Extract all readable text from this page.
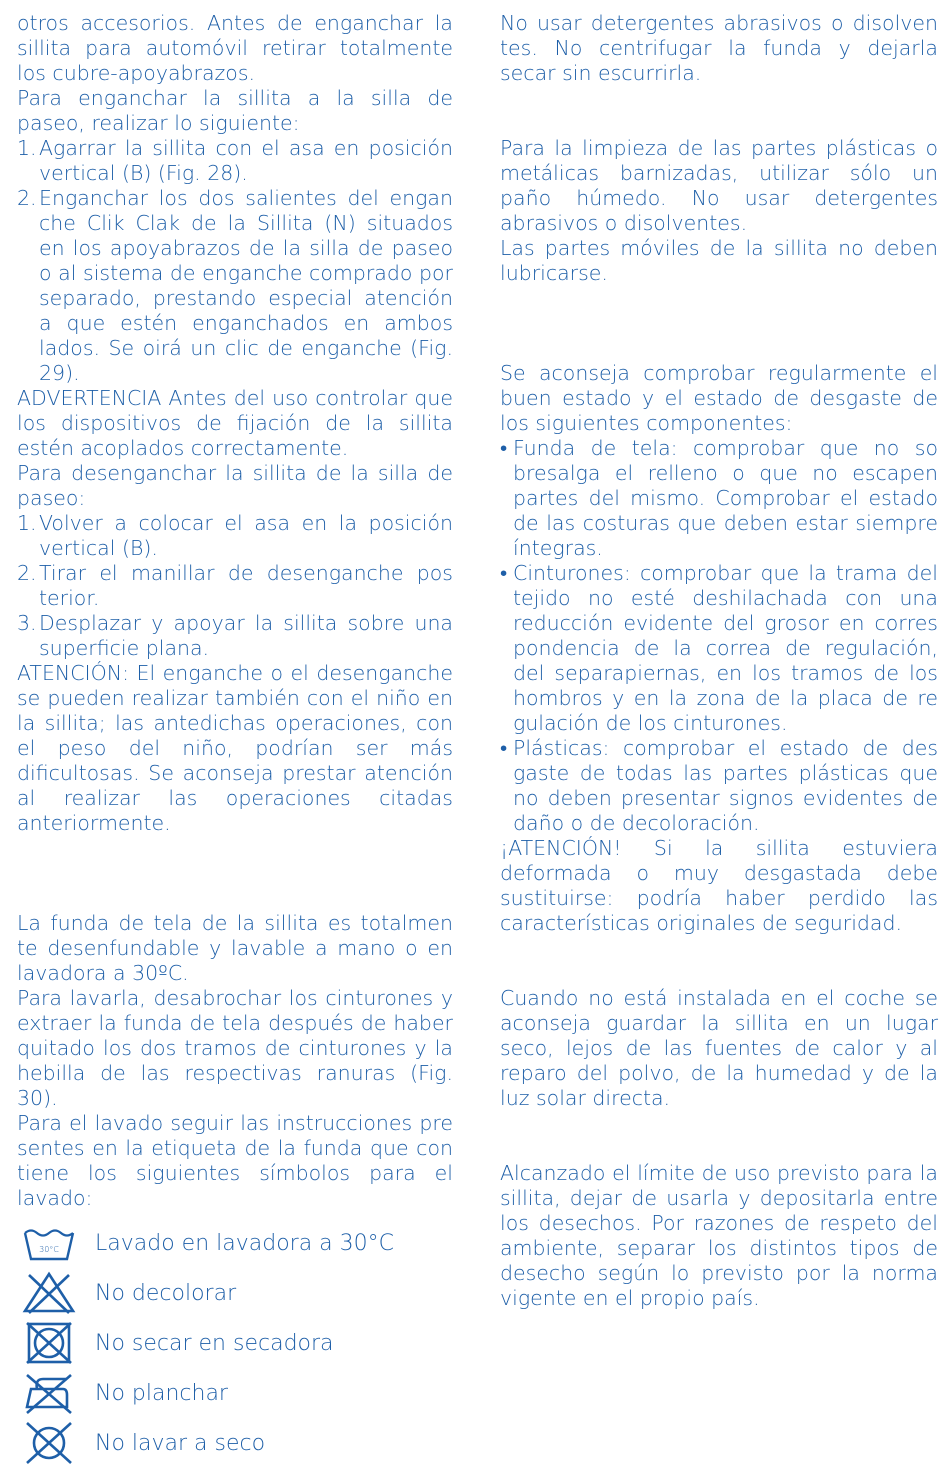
otros accesorios. Antes de enganchar la sillita para automóvil retirar totalmente los cubre-apoyabrazos.

Para enganchar la sillita a la silla de paseo, realizar lo siguiente:

1. Agarrar la sillita con el asa en posición vertical (B) (Fig. 28).
2. Enganchar los dos salientes del engan che Clik Clak de la Sillita (N) situados en los apoyabrazos de la silla de paseo o al sistema de enganche comprado por separado, prestando especial atención a que estén enganchados en ambos lados. Se oirá un clic de enganche (Fig. 29).

ADVERTENCIA Antes del uso controlar que los dispositivos de fijación de la sillita estén acoplados correctamente.

Para desenganchar la sillita de la silla de paseo:

1. Volver a colocar el asa en la posición vertical (B).
2. Tirar el manillar de desenganche pos terior.
3. Desplazar y apoyar la sillita sobre una superficie plana.

ATENCIÓN: El enganche o el desenganche se pueden realizar también con el niño en la sillita; las antedichas operaciones, con el peso del niño, podrían ser más dificultosas. Se aconseja prestar atención al realizar las operaciones citadas anteriormente.

La funda de tela de la sillita es totalmen te desenfundable y lavable a mano o en lavadora a 30ºC.

Para lavarla, desabrochar los cinturones y extraer la funda de tela después de haber quitado los dos tramos de cinturones y la hebilla de las respectivas ranuras (Fig. 30).

Para el lavado seguir las instrucciones pre sentes en la etiqueta de la funda que con tiene los siguientes símbolos para el lavado:

30°C Lavado en lavadora a 30°C
No decolorar
No secar en secadora
No planchar
No lavar a seco

No usar detergentes abrasivos o disolven tes. No centrifugar la funda y dejarla secar sin escurrirla.

Para la limpieza de las partes plásticas o metálicas barnizadas, utilizar sólo un paño húmedo. No usar detergentes abrasivos o disolventes.

Las partes móviles de la sillita no deben lubricarse.

Se aconseja comprobar regularmente el buen estado y el estado de desgaste de los siguientes componentes:

• Funda de tela: comprobar que no so bresalga el relleno o que no escapen partes del mismo. Comprobar el estado de las costuras que deben estar siempre íntegras.
• Cinturones: comprobar que la trama del tejido no esté deshilachada con una reducción evidente del grosor en corres pondencia de la correa de regulación, del separapiernas, en los tramos de los hombros y en la zona de la placa de re gulación de los cinturones.
• Plásticas: comprobar el estado de des gaste de todas las partes plásticas que no deben presentar signos evidentes de daño o de decoloración.

¡ATENCIÓN! Si la sillita estuviera deformada o muy desgastada debe sustituirse: podría haber perdido las características originales de seguridad.

Cuando no está instalada en el coche se aconseja guardar la sillita en un lugar seco, lejos de las fuentes de calor y al reparo del polvo, de la humedad y de la luz solar directa.

Alcanzado el límite de uso previsto para la sillita, dejar de usarla y depositarla entre los desechos. Por razones de respeto del ambiente, separar los distintos tipos de desecho según lo previsto por la norma vigente en el propio país.
